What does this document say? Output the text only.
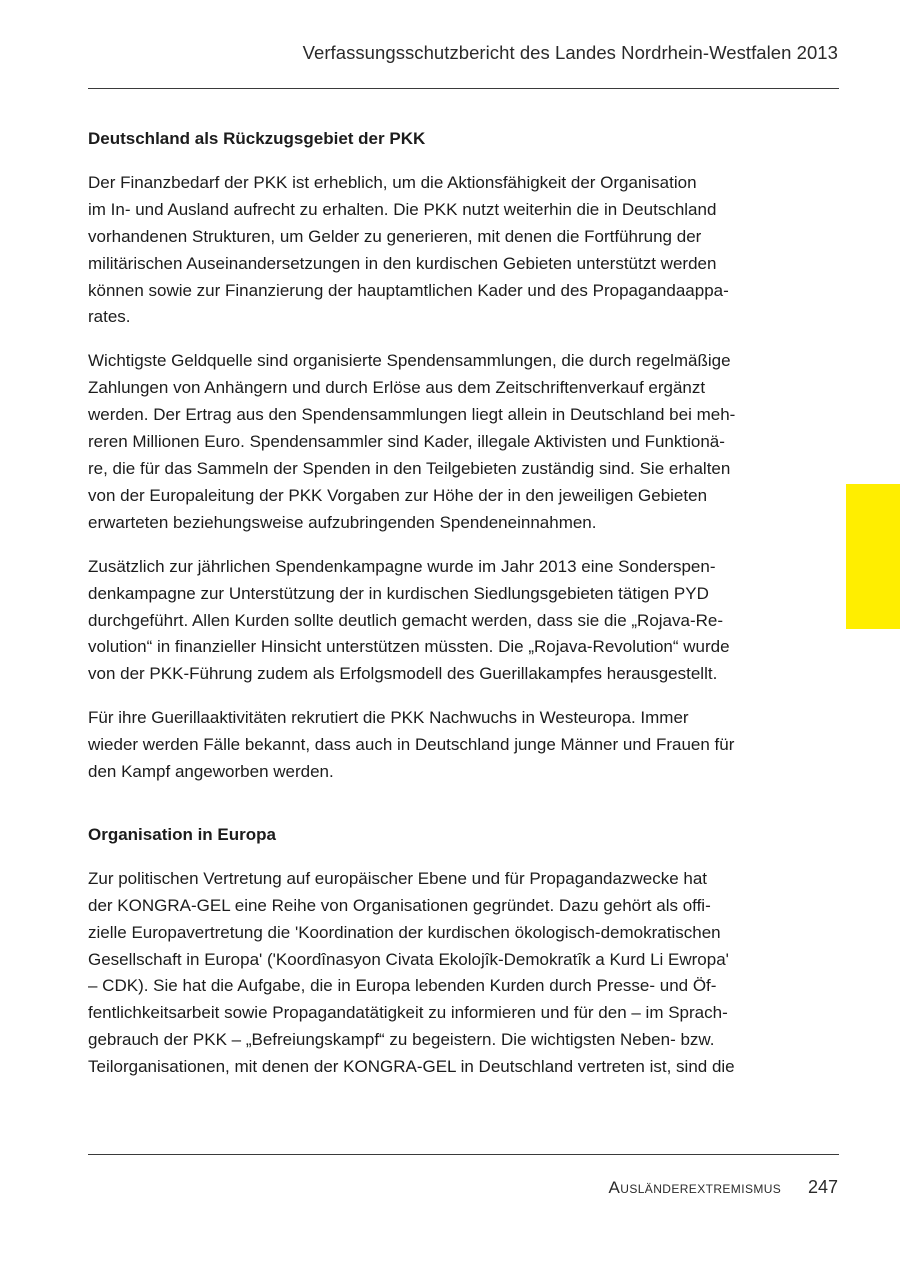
Verfassungsschutzbericht des Landes Nordrhein-Westfalen 2013
Deutschland als Rückzugsgebiet der PKK

Der Finanzbedarf der PKK ist erheblich, um die Aktionsfähigkeit der Organisation
im In- und Ausland aufrecht zu erhalten. Die PKK nutzt weiterhin die in Deutschland
vorhandenen Strukturen, um Gelder zu generieren, mit denen die Fortführung der
militärischen Auseinandersetzungen in den kurdischen Gebieten unterstützt werden
können sowie zur Finanzierung der hauptamtlichen Kader und des Propagandaappa-
rates.

Wichtigste Geldquelle sind organisierte Spendensammlungen, die durch regelmäßige
Zahlungen von Anhängern und durch Erlöse aus dem Zeitschriftenverkauf ergänzt
werden. Der Ertrag aus den Spendensammlungen liegt allein in Deutschland bei meh-
reren Millionen Euro. Spendensammler sind Kader, illegale Aktivisten und Funktionä-
re, die für das Sammeln der Spenden in den Teilgebieten zuständig sind. Sie erhalten
von der Europaleitung der PKK Vorgaben zur Höhe der in den jeweiligen Gebieten
erwarteten beziehungsweise aufzubringenden Spendeneinnahmen.

Zusätzlich zur jährlichen Spendenkampagne wurde im Jahr 2013 eine Sonderspen-
denkampagne zur Unterstützung der in kurdischen Siedlungsgebieten tätigen PYD
durchgeführt. Allen Kurden sollte deutlich gemacht werden, dass sie die „Rojava-Re-
volution“ in finanzieller Hinsicht unterstützen müssten. Die „Rojava-Revolution“ wurde
von der PKK-Führung zudem als Erfolgsmodell des Guerillakampfes herausgestellt.

Für ihre Guerillaaktivitäten rekrutiert die PKK Nachwuchs in Westeuropa. Immer
wieder werden Fälle bekannt, dass auch in Deutschland junge Männer und Frauen für
den Kampf angeworben werden.

Organisation in Europa

Zur politischen Vertretung auf europäischer Ebene und für Propagandazwecke hat
der KONGRA-GEL eine Reihe von Organisationen gegründet. Dazu gehört als offi-
zielle Europavertretung die 'Koordination der kurdischen ökologisch-demokratischen
Gesellschaft in Europa' ('Koordînasyon Civata Ekolojîk-Demokratîk a Kurd Li Ewropa'
– CDK). Sie hat die Aufgabe, die in Europa lebenden Kurden durch Presse- und Öf-
fentlichkeitsarbeit sowie Propagandatätigkeit zu informieren und für den – im Sprach-
gebrauch der PKK – „Befreiungskampf“ zu begeistern. Die wichtigsten Neben- bzw.
Teilorganisationen, mit denen der KONGRA-GEL in Deutschland vertreten ist, sind die

Ausländerextremismus 247
